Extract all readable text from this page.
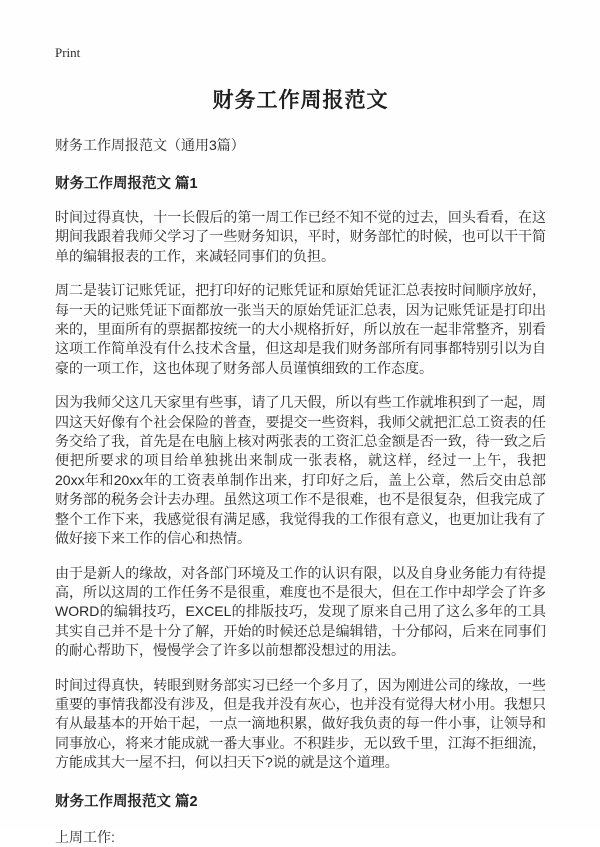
Print
财务工作周报范文

财务工作周报范文（通用3篇）

财务工作周报范文 篇1

时间过得真快，十一长假后的第一周工作已经不知不觉的过去，回头看看，在这期间我跟着我师父学习了一些财务知识，平时，财务部忙的时候，也可以干干简单的编辑报表的工作，来减轻同事们的负担。

周二是装订记账凭证，把打印好的记账凭证和原始凭证汇总表按时间顺序放好，每一天的记账凭证下面都放一张当天的原始凭证汇总表，因为记账凭证是打印出来的，里面所有的票据都按统一的大小规格折好，所以放在一起非常整齐，别看这项工作简单没有什么技术含量，但这却是我们财务部所有同事都特别引以为自豪的一项工作，这也体现了财务部人员谨慎细致的工作态度。

因为我师父这几天家里有些事，请了几天假，所以有些工作就堆积到了一起，周四这天好像有个社会保险的普查，要提交一些资料，我师父就把汇总工资表的任务交给了我，首先是在电脑上核对两张表的工资汇总金额是否一致，待一致之后便把所要求的项目给单独挑出来制成一张表格，就这样，经过一上午，我把20xx年和20xx年的工资表单制作出来，打印好之后，盖上公章，然后交由总部财务部的税务会计去办理。虽然这项工作不是很难，也不是很复杂，但我完成了整个工作下来，我感觉很有满足感，我觉得我的工作很有意义，也更加让我有了做好接下来工作的信心和热情。

由于是新人的缘故，对各部门环境及工作的认识有限，以及自身业务能力有待提高，所以这周的工作任务不是很重，难度也不是很大，但在工作中却学会了许多WORD的编辑技巧，EXCEL的排版技巧，发现了原来自己用了这么多年的工具其实自己并不是十分了解，开始的时候还总是编辑错，十分郁闷，后来在同事们的耐心帮助下，慢慢学会了许多以前想都没想过的用法。

时间过得真快，转眼到财务部实习已经一个多月了，因为刚进公司的缘故，一些重要的事情我都没有涉及，但是我并没有灰心，也并没有觉得大材小用。我想只有从最基本的开始干起，一点一滴地积累，做好我负责的每一件小事，让领导和同事放心，将来才能成就一番大事业。不积跬步，无以致千里，江海不拒细流，方能成其大一屋不扫，何以扫天下?说的就是这个道理。

财务工作周报范文 篇2

上周工作:
